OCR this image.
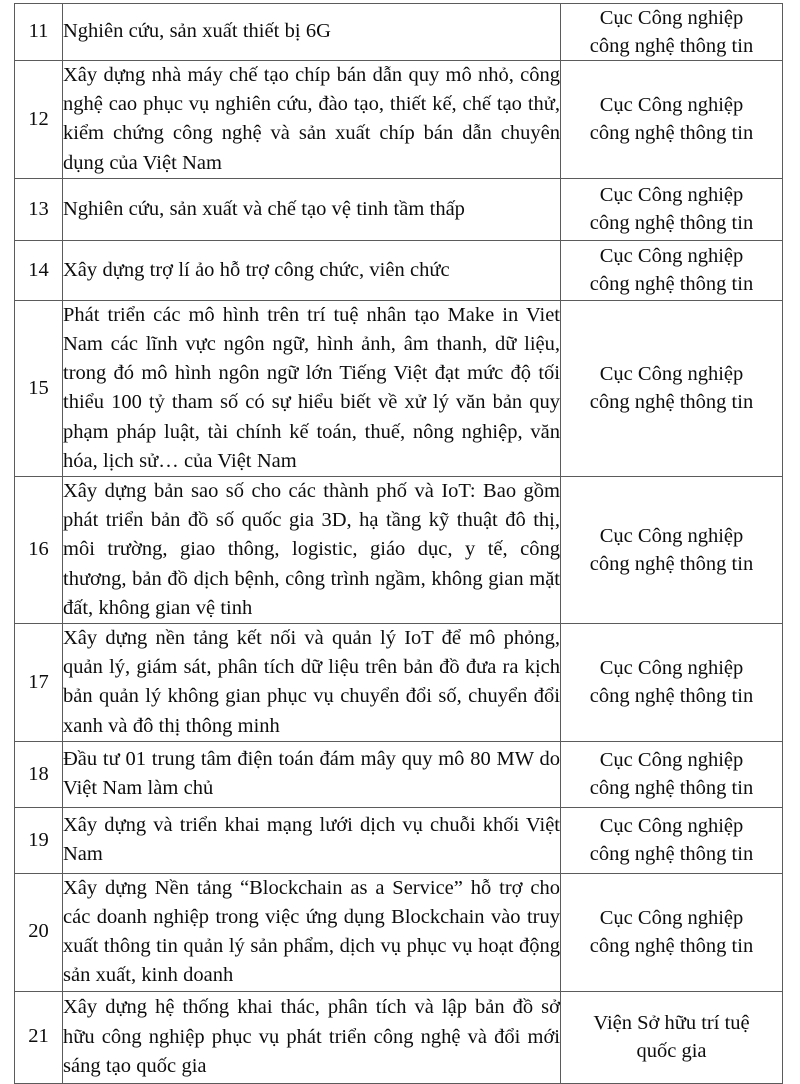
11	Nghiên cứu, sản xuất thiết bị 6G	Cục Công nghiệp
công nghệ thông tin

12	Xây dựng nhà máy chế tạo chíp bán dẫn quy mô nhỏ, công nghệ cao phục vụ nghiên cứu, đào tạo, thiết kế, chế tạo thử, kiểm chứng công nghệ và sản xuất chíp bán dẫn chuyên dụng của Việt Nam	Cục Công nghiệp
công nghệ thông tin

13	Nghiên cứu, sản xuất và chế tạo vệ tinh tầm thấp	Cục Công nghiệp
công nghệ thông tin

14	Xây dựng trợ lí ảo hỗ trợ công chức, viên chức	Cục Công nghiệp
công nghệ thông tin

15	Phát triển các mô hình trên trí tuệ nhân tạo Make in Viet Nam các lĩnh vực ngôn ngữ, hình ảnh, âm thanh, dữ liệu, trong đó mô hình ngôn ngữ lớn Tiếng Việt đạt mức độ tối thiểu 100 tỷ tham số có sự hiểu biết về xử lý văn bản quy phạm pháp luật, tài chính kế toán, thuế, nông nghiệp, văn hóa, lịch sử… của Việt Nam	Cục Công nghiệp
công nghệ thông tin

16	Xây dựng bản sao số cho các thành phố và IoT: Bao gồm phát triển bản đồ số quốc gia 3D, hạ tầng kỹ thuật đô thị, môi trường, giao thông, logistic, giáo dục, y tế, công thương, bản đồ dịch bệnh, công trình ngầm, không gian mặt đất, không gian vệ tinh	Cục Công nghiệp
công nghệ thông tin

17	Xây dựng nền tảng kết nối và quản lý IoT để mô phỏng, quản lý, giám sát, phân tích dữ liệu trên bản đồ đưa ra kịch bản quản lý không gian phục vụ chuyển đổi số, chuyển đổi xanh và đô thị thông minh	Cục Công nghiệp
công nghệ thông tin

18	Đầu tư 01 trung tâm điện toán đám mây quy mô 80 MW do Việt Nam làm chủ	Cục Công nghiệp
công nghệ thông tin

19	Xây dựng và triển khai mạng lưới dịch vụ chuỗi khối Việt Nam	Cục Công nghiệp
công nghệ thông tin

20	Xây dựng Nền tảng “Blockchain as a Service” hỗ trợ cho các doanh nghiệp trong việc ứng dụng Blockchain vào truy xuất thông tin quản lý sản phẩm, dịch vụ phục vụ hoạt động sản xuất, kinh doanh	Cục Công nghiệp
công nghệ thông tin

21	Xây dựng hệ thống khai thác, phân tích và lập bản đồ sở hữu công nghiệp phục vụ phát triển công nghệ và đổi mới sáng tạo quốc gia	Viện Sở hữu trí tuệ
quốc gia
